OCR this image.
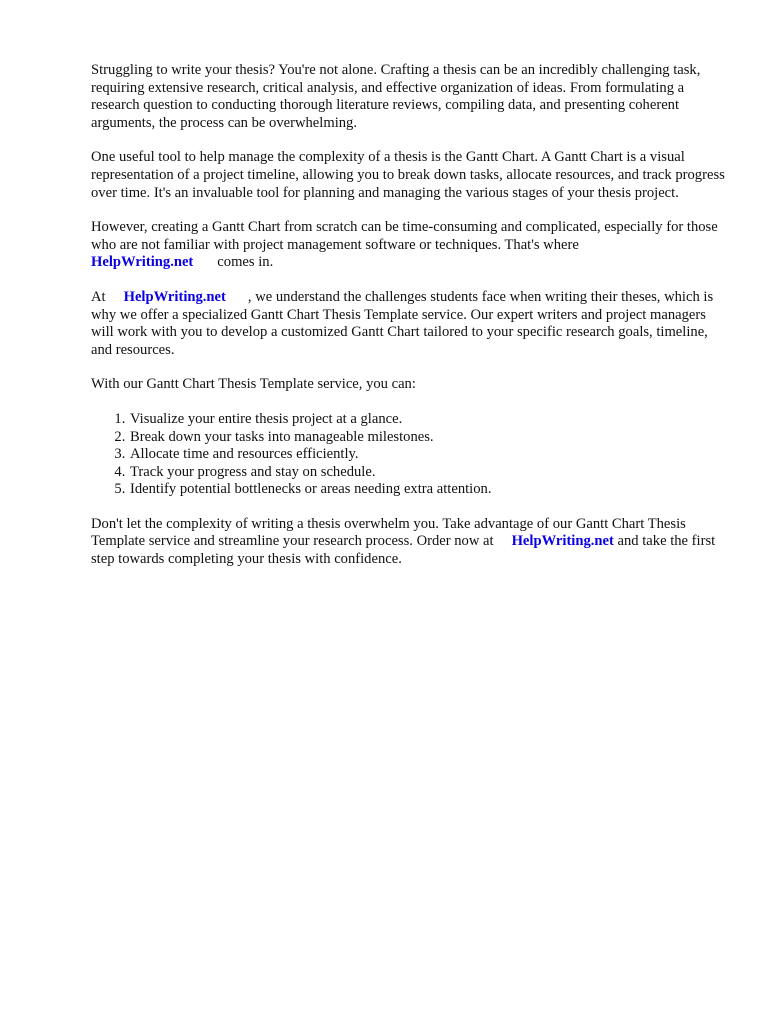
Struggling to write your thesis? You're not alone. Crafting a thesis can be an incredibly challenging task, requiring extensive research, critical analysis, and effective organization of ideas. From formulating a research question to conducting thorough literature reviews, compiling data, and presenting coherent arguments, the process can be overwhelming.

One useful tool to help manage the complexity of a thesis is the Gantt Chart. A Gantt Chart is a visual representation of a project timeline, allowing you to break down tasks, allocate resources, and track progress over time. It's an invaluable tool for planning and managing the various stages of your thesis project.

However, creating a Gantt Chart from scratch can be time-consuming and complicated, especially for those who are not familiar with project management software or techniques. That's where
HelpWriting.net comes in.

At HelpWriting.net , we understand the challenges students face when writing their theses, which is why we offer a specialized Gantt Chart Thesis Template service. Our expert writers and project managers will work with you to develop a customized Gantt Chart tailored to your specific research goals, timeline, and resources.

With our Gantt Chart Thesis Template service, you can:

1. Visualize your entire thesis project at a glance.
2. Break down your tasks into manageable milestones.
3. Allocate time and resources efficiently.
4. Track your progress and stay on schedule.
5. Identify potential bottlenecks or areas needing extra attention.

Don't let the complexity of writing a thesis overwhelm you. Take advantage of our Gantt Chart Thesis Template service and streamline your research process. Order now at HelpWriting.net and take the first step towards completing your thesis with confidence.
